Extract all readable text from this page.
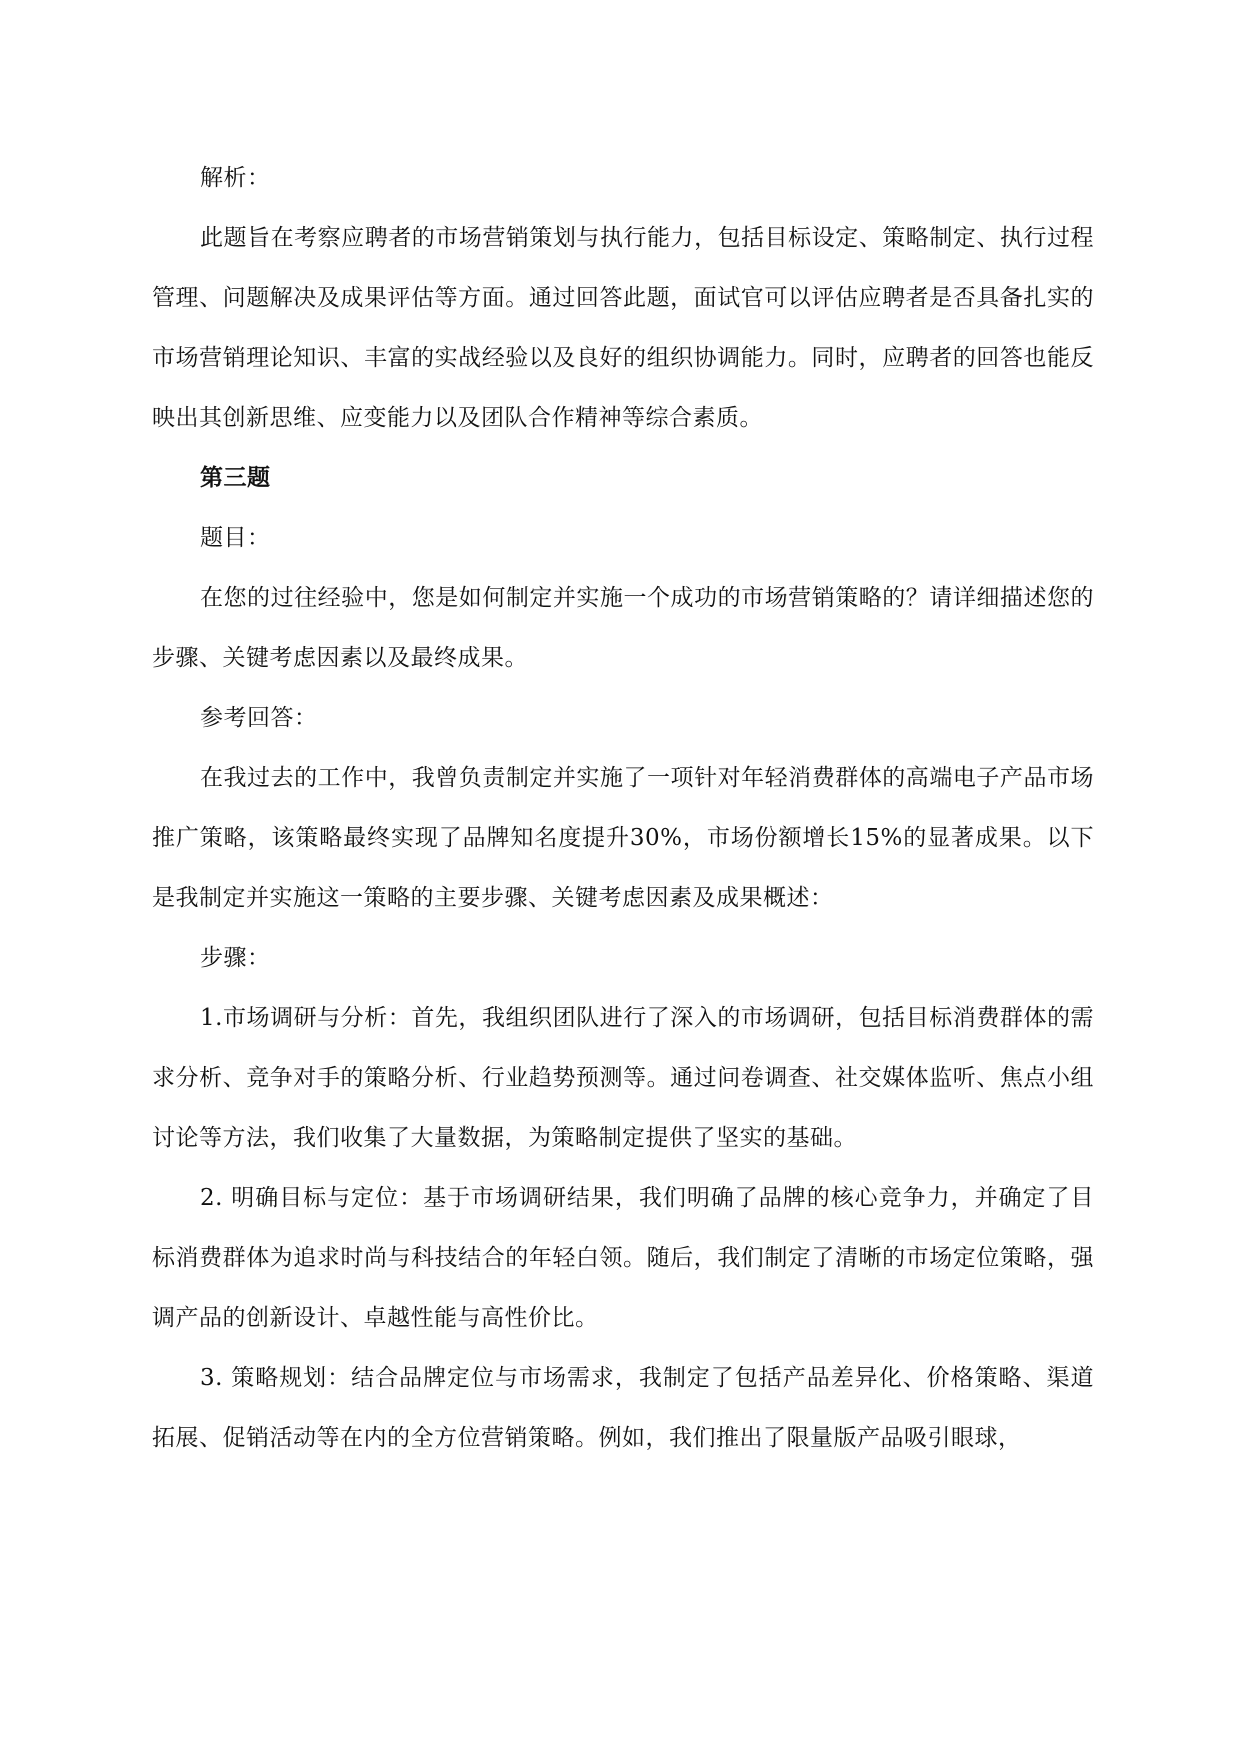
解析：

此题旨在考察应聘者的市场营销策划与执行能力，包括目标设定、策略制定、执行过程管理、问题解决及成果评估等方面。通过回答此题，面试官可以评估应聘者是否具备扎实的市场营销理论知识、丰富的实战经验以及良好的组织协调能力。同时，应聘者的回答也能反映出其创新思维、应变能力以及团队合作精神等综合素质。

第三题

题目：

在您的过往经验中，您是如何制定并实施一个成功的市场营销策略的？请详细描述您的步骤、关键考虑因素以及最终成果。

参考回答：

在我过去的工作中，我曾负责制定并实施了一项针对年轻消费群体的高端电子产品市场推广策略，该策略最终实现了品牌知名度提升30%，市场份额增长15%的显著成果。以下是我制定并实施这一策略的主要步骤、关键考虑因素及成果概述：

步骤：

1.市场调研与分析：首先，我组织团队进行了深入的市场调研，包括目标消费群体的需求分析、竞争对手的策略分析、行业趋势预测等。通过问卷调查、社交媒体监听、焦点小组讨论等方法，我们收集了大量数据，为策略制定提供了坚实的基础。

2. 明确目标与定位：基于市场调研结果，我们明确了品牌的核心竞争力，并确定了目标消费群体为追求时尚与科技结合的年轻白领。随后，我们制定了清晰的市场定位策略，强调产品的创新设计、卓越性能与高性价比。

3. 策略规划：结合品牌定位与市场需求，我制定了包括产品差异化、价格策略、渠道拓展、促销活动等在内的全方位营销策略。例如，我们推出了限量版产品吸引眼球，
